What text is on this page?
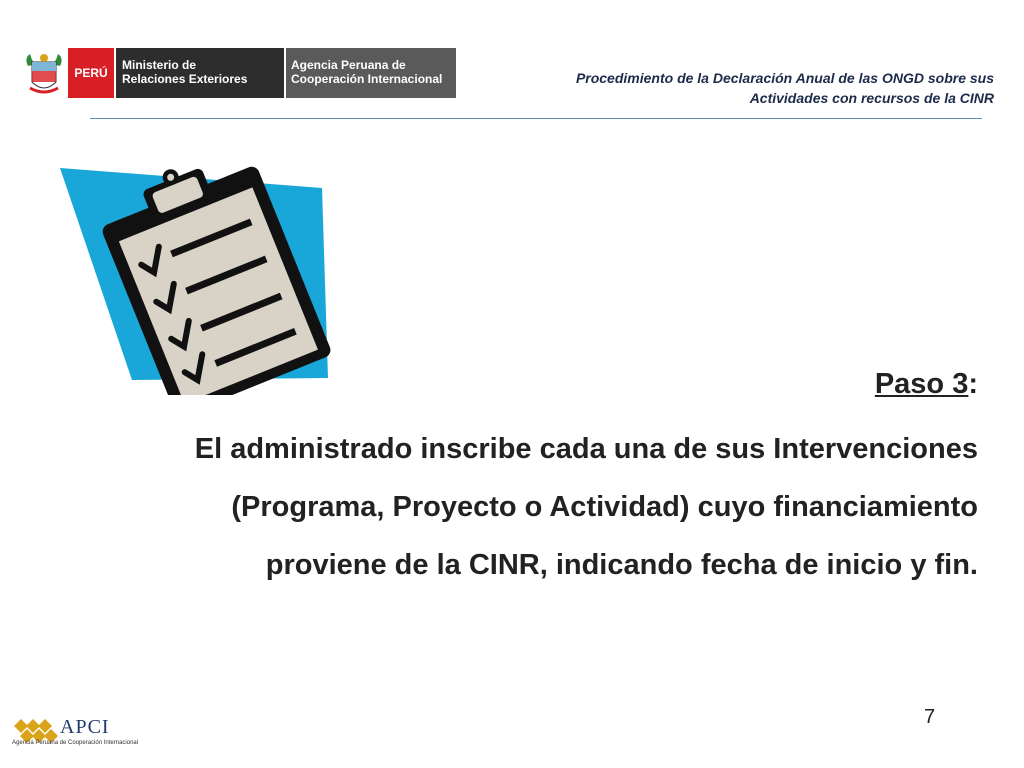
PERÚ
Ministerio de
Relaciones Exteriores
Agencia Peruana de
Cooperación Internacional	Procedimiento de la Declaración Anual de las ONGD sobre sus
Actividades con recursos de la CINR
Paso 3:
El administrado inscribe cada una de sus Intervenciones
(Programa, Proyecto o Actividad) cuyo financiamiento
proviene de la CINR, indicando fecha de inicio y fin.
7
APCI
Agencia Peruana de Cooperación Internacional
